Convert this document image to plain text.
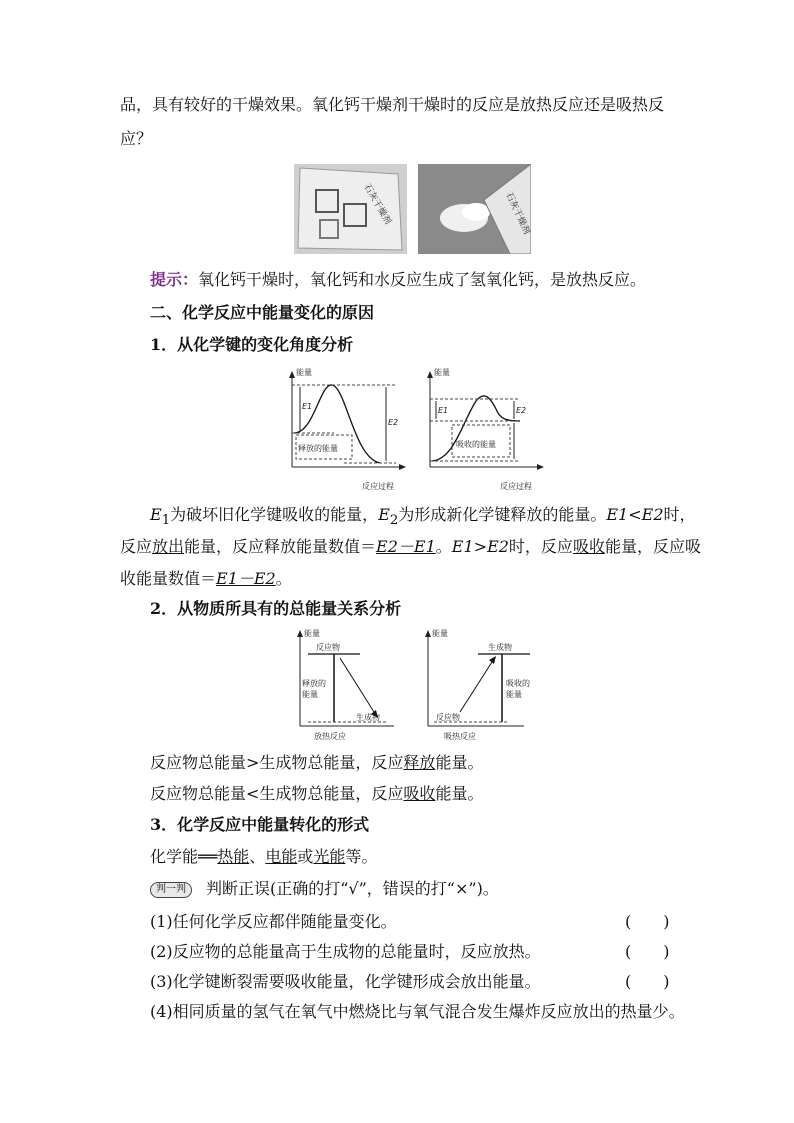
品，具有较好的干燥效果。氧化钙干燥剂干燥时的反应是放热反应还是吸热反
应？
石灰干燥剂	石灰干燥剂
提示：氧化钙干燥时，氧化钙和水反应生成了氢氧化钙，是放热反应。
二、化学反应中能量变化的原因
1．从化学键的变化角度分析
能量
反应过程
E1
E2
释放的能量
能量
反应过程
E1	E2
吸收的能量
$E_1$为破坏旧化学键吸收的能量，$E_2$为形成新化学键释放的能量。E1<E2时，
反应放出能量，反应释放能量数值＝E2－E1。E1>E2时，反应吸收能量，反应吸
收能量数值＝E1－E2。
2．从物质所具有的总能量关系分析
能量
反应物
生成物
释放的
能量
放热反应
能量
生成物
反应物
吸收的
能量
吸热反应
反应物总能量>生成物总能量，反应释放能量。
反应物总能量<生成物总能量，反应吸收能量。
3．化学反应中能量转化的形式
化学能══热能、电能或光能等。
判一判 判断正误(正确的打“√”，错误的打“×”)。
(1)任何化学反应都伴随能量变化。	(　　)
(2)反应物的总能量高于生成物的总能量时，反应放热。	(　　)
(3)化学键断裂需要吸收能量，化学键形成会放出能量。	(　　)
(4)相同质量的氢气在氧气中燃烧比与氧气混合发生爆炸反应放出的热量少。
